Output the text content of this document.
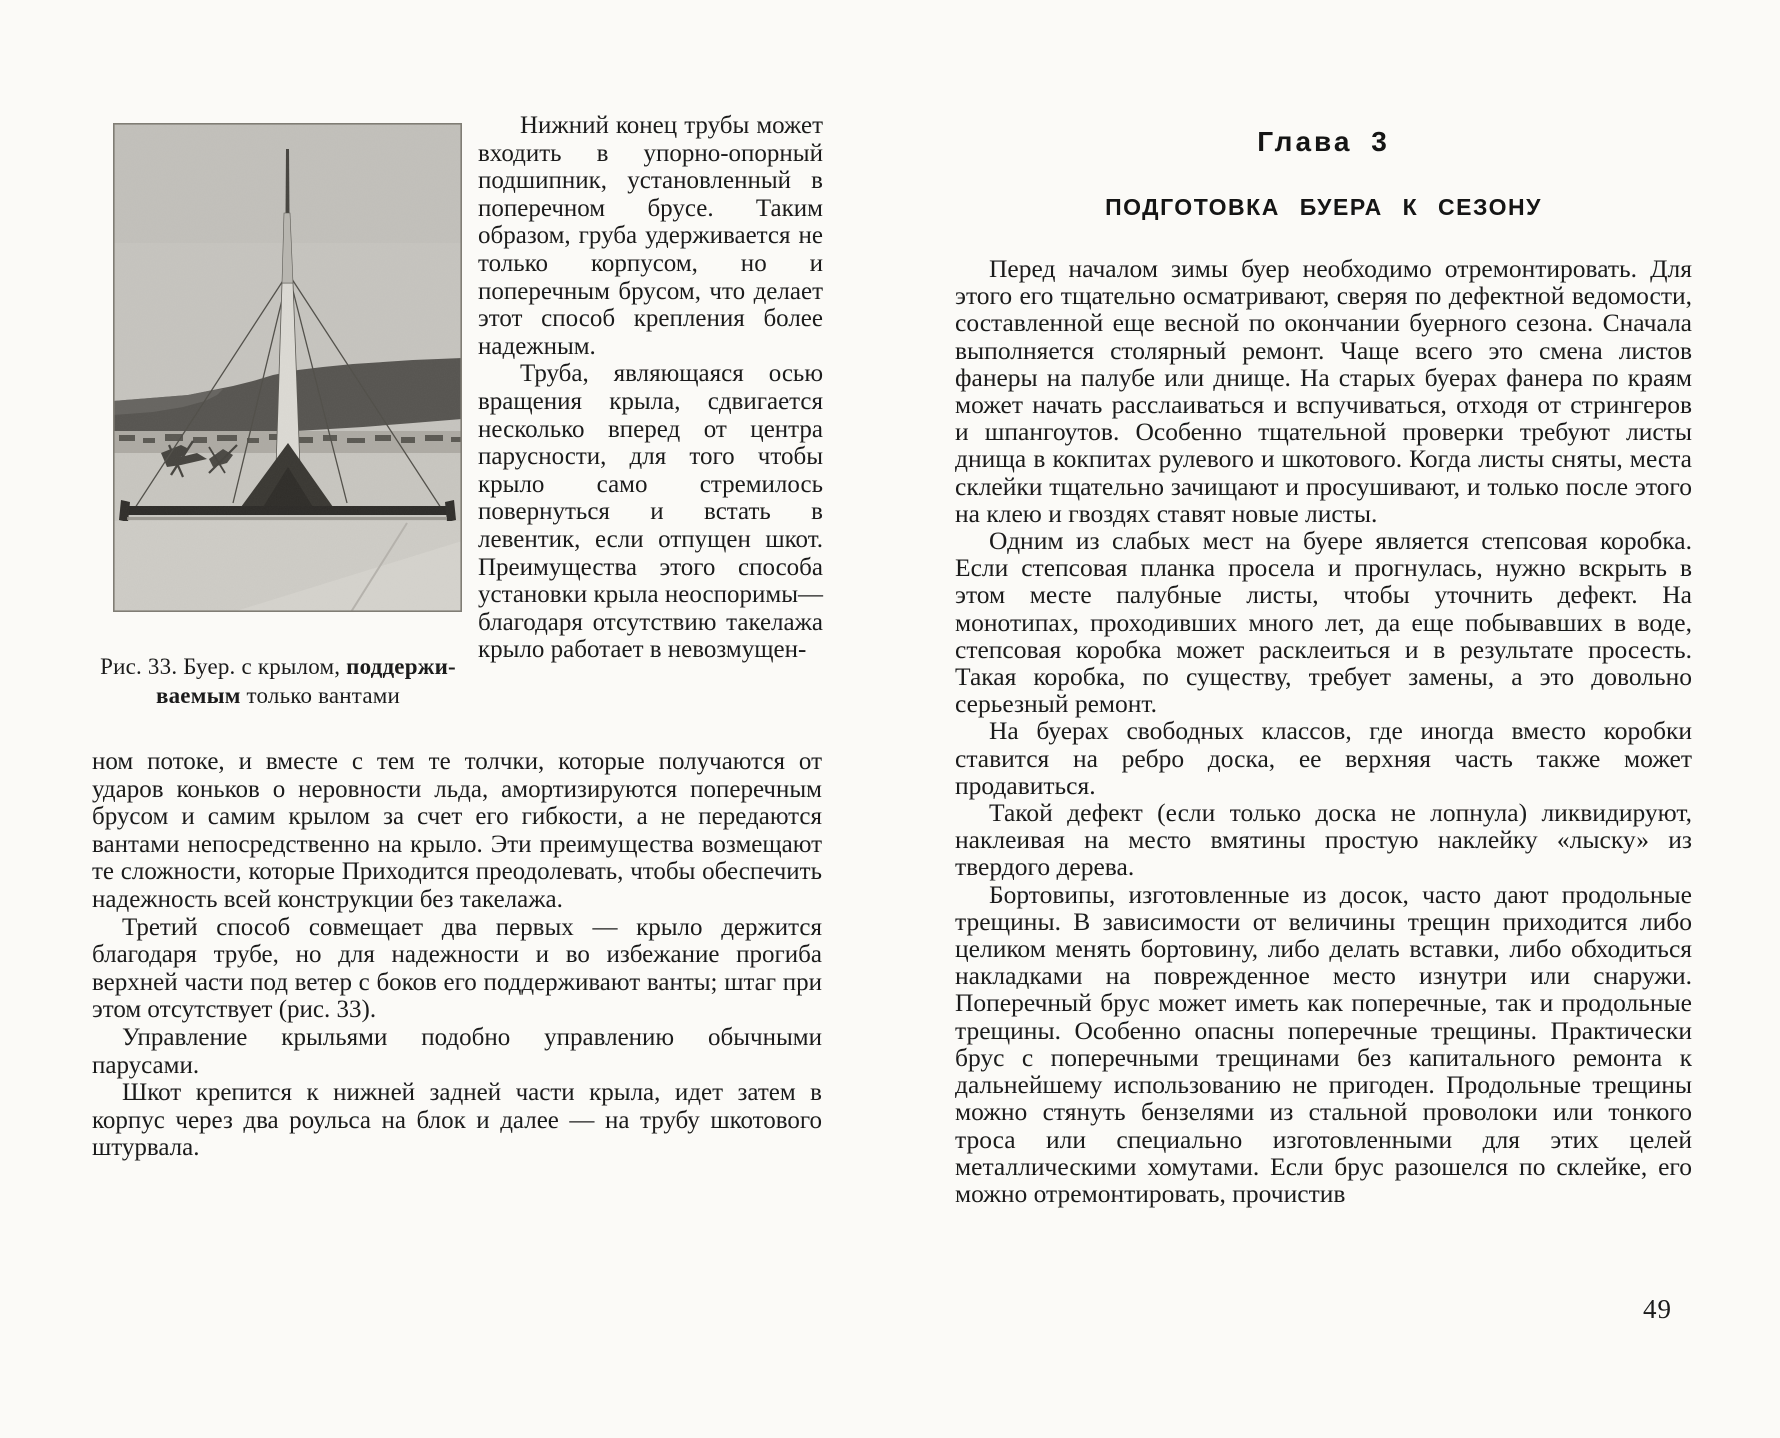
Рис. 33. Буер. с крылом, поддержи-
ваемым только вантами

Нижний конец трубы может входить в упорно-опорный подшипник, установленный в поперечном брусе. Таким образом, груба удерживается не только корпусом, но и поперечным брусом, что делает этот способ крепления более надежным.

Труба, являющаяся осью вращения крыла, сдвигается несколько вперед от центра парусности, для того чтобы крыло само стремилось повернуться и встать в левентик, если отпущен шкот. Преимущества этого способа установки крыла неоспоримы— благодаря отсутствию такелажа крыло работает в невозмущен-

ном потоке, и вместе с тем те толчки, которые получаются от ударов коньков о неровности льда, амортизируются поперечным брусом и самим крылом за счет его гибкости, а не передаются вантами непосредственно на крыло. Эти преимущества возмещают те сложности, которые Приходится преодолевать, чтобы обеспечить надежность всей конструкции без такелажа.

Третий способ совмещает два первых — крыло держится благодаря трубе, но для надежности и во избежание прогиба верхней части под ветер с боков его поддерживают ванты; штаг при этом отсутствует (рис. 33).

Управление крыльями подобно управлению обычными парусами.

Шкот крепится к нижней задней части крыла, идет затем в корпус через два роульса на блок и далее — на трубу шкотового штурвала.

Глава 3
ПОДГОТОВКА БУЕРА К СЕЗОНУ

Перед началом зимы буер необходимо отремонтировать. Для этого его тщательно осматривают, сверяя по дефектной ведомости, составленной еще весной по окончании буерного сезона. Сначала выполняется столярный ремонт. Чаще всего это смена листов фанеры на палубе или днище. На старых буерах фанера по краям может начать расслаиваться и вспучиваться, отходя от стрингеров и шпангоутов. Особенно тщательной проверки требуют листы днища в кокпитах рулевого и шкотового. Когда листы сняты, места склейки тщательно зачищают и просушивают, и только после этого на клею и гвоздях ставят новые листы.

Одним из слабых мест на буере является степсовая коробка. Если степсовая планка просела и прогнулась, нужно вскрыть в этом месте палубные листы, чтобы уточнить дефект. На монотипах, проходивших много лет, да еще побывавших в воде, степсовая коробка может расклеиться и в результате просесть. Такая коробка, по существу, требует замены, а это довольно серьезный ремонт.

На буерах свободных классов, где иногда вместо коробки ставится на ребро доска, ее верхняя часть также может продавиться.

Такой дефект (если только доска не лопнула) ликвидируют, наклеивая на место вмятины простую наклейку «лыску» из твердого дерева.

Бортовипы, изготовленные из досок, часто дают продольные трещины. В зависимости от величины трещин приходится либо целиком менять бортовину, либо делать вставки, либо обходиться накладками на поврежденное место изнутри или снаружи. Поперечный брус может иметь как поперечные, так и продольные трещины. Особенно опасны поперечные трещины. Практически брус с поперечными трещинами без капитального ремонта к дальнейшему использованию не пригоден. Продольные трещины можно стянуть бензелями из стальной проволоки или тонкого троса или специально изготовленными для этих целей металлическими хомутами. Если брус разошелся по склейке, его можно отремонтировать, прочистив

49
